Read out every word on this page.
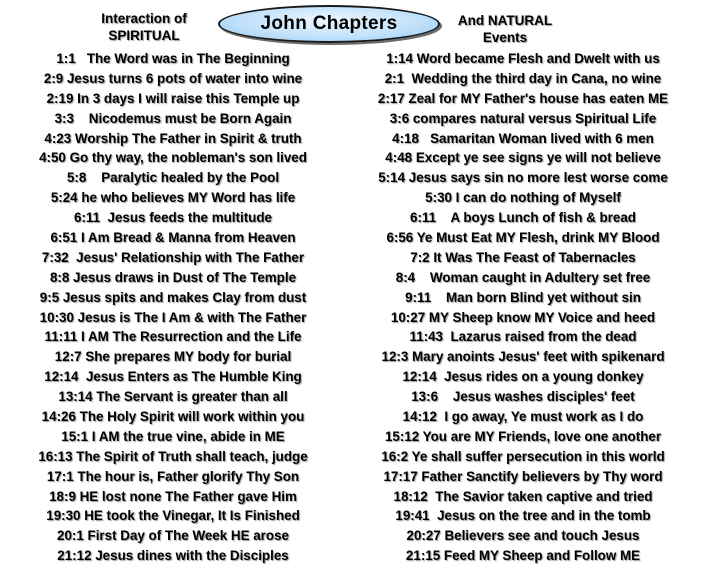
Interaction of
SPIRITUAL
John Chapters	And NATURAL
Events
1:1   The Word was in The Beginning
2:9 Jesus turns 6 pots of water into wine
2:19 In 3 days I will raise this Temple up
3:3    Nicodemus must be Born Again
4:23 Worship The Father in Spirit & truth
4:50 Go thy way, the nobleman's son lived
5:8    Paralytic healed by the Pool
5:24 he who believes MY Word has life
6:11  Jesus feeds the multitude
6:51 I Am Bread & Manna from Heaven
7:32  Jesus' Relationship with The Father
8:8 Jesus draws in Dust of The Temple
9:5 Jesus spits and makes Clay from dust
10:30 Jesus is The I Am & with The Father
11:11 I AM The Resurrection and the Life
12:7 She prepares MY body for burial
12:14  Jesus Enters as The Humble King
13:14 The Servant is greater than all
14:26 The Holy Spirit will work within you
15:1 I AM the true vine, abide in ME
16:13 The Spirit of Truth shall teach, judge
17:1 The hour is, Father glorify Thy Son
18:9 HE lost none The Father gave Him
19:30 HE took the Vinegar, It Is Finished
20:1 First Day of The Week HE arose
21:12 Jesus dines with the Disciples
1:14 Word became Flesh and Dwelt with us
2:1  Wedding the third day in Cana, no wine
2:17 Zeal for MY Father's house has eaten ME
3:6 compares natural versus Spiritual Life
4:18   Samaritan Woman lived with 6 men
4:48 Except ye see signs ye will not believe
5:14 Jesus says sin no more lest worse come
5:30 I can do nothing of Myself
6:11    A boys Lunch of fish & bread
6:56 Ye Must Eat MY Flesh, drink MY Blood
7:2 It Was The Feast of Tabernacles
8:4    Woman caught in Adultery set free
9:11    Man born Blind yet without sin
10:27 MY Sheep know MY Voice and heed
11:43  Lazarus raised from the dead
12:3 Mary anoints Jesus' feet with spikenard
12:14  Jesus rides on a young donkey
13:6    Jesus washes disciples' feet
14:12  I go away, Ye must work as I do
15:12 You are MY Friends, love one another
16:2 Ye shall suffer persecution in this world
17:17 Father Sanctify believers by Thy word
18:12  The Savior taken captive and tried
19:41  Jesus on the tree and in the tomb
20:27 Believers see and touch Jesus
21:15 Feed MY Sheep and Follow ME
